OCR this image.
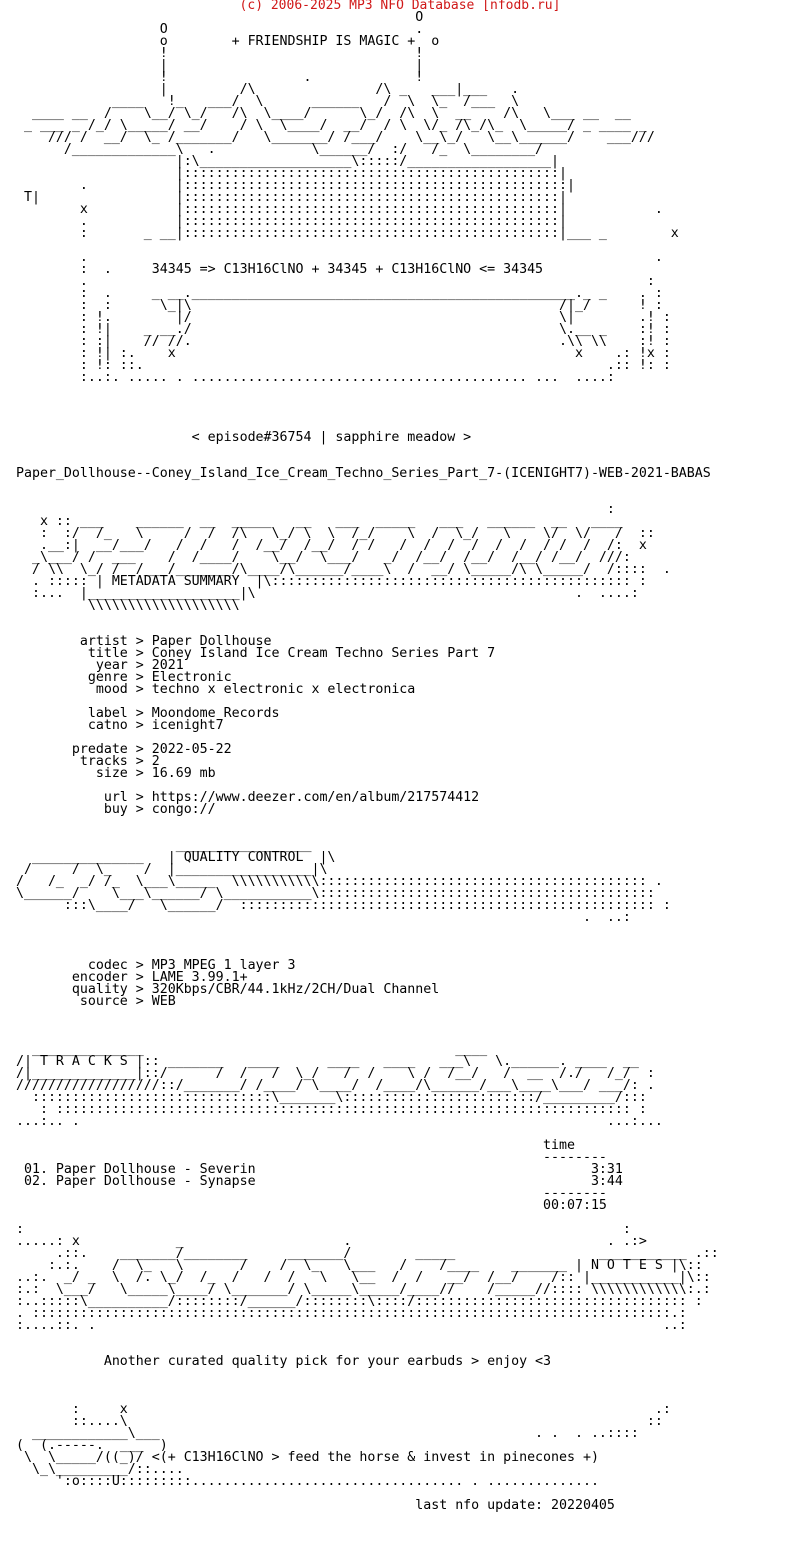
(c) 2006-2025 MP3 NFO Database [nfodb.ru]
O
O                               .
o        + FRIENDSHIP IS MAGIC +  o
!                               !
|                               |
!                 .             !
|         /\               /\ _   ___|___   .
____   !_   ___/  \      ______   /  \  \_  /___  \
____ __  /    \__/ \_/   /\  \____/      \_/  /\  \  __    /\   \___ __  __
_ ___ _ /_/ \_____/ __/    / \  \____/  __/  / \  \/_ /\_/\_  \_____/ _ ____ _
/// /  __/  \_ /_______/   \_______/ /___/    \__\_/   \__\______/    ___///
/_____________\   .            \______/  :/   /_  \________/
|:\___________________\:::::/__________________|
|:::::::::::::::::::::::::::::::::::::::::::::::|
.           |::::::::::::::::::::::::::::::::::::::::::::::::|
T|                 |:::::::::::::::::::::::::::::::::::::::::::::::|
x           |:::::::::::::::::::::::::::::::::::::::::::::::|           .
.           |:::::::::::::::::::::::::::::::::::::::::::::::|
:       _ __|:::::::::::::::::::::::::::::::::::::::::::::::|___ _        x

.                                                                       .
:  .     34345 => C13H16ClNO + 34345 + C13H16ClNO <= 34345
.                                                                      :
:  .     _ __.________________________________________________._ _    . :
:  :      \_|\                                              /|_/      ! :
: !.        |/                                              \|        .! :
: !|    _ __./                                              \.__ _    :! :
: :|    // //.                                              .\\ \\    :! :
: !| :.    x                                                  x    .: !x :
: !: ::.                                                          .:: !: :
:..:. ..... . .......................................... ...  ....:

< episode#36754 | sapphire meadow >

Paper_Dollhouse--Coney_Island_Ice_Cream_Techno_Series_Part_7-(ICENIGHT7)-WEB-2021-BABAS

:
x :: ___    ______  __  _____   __   ___  _____   ___   ______  __   ____
:  :/  /_   \     /  /  /\   \_/ \  \  /_/    \  /  \_/   \    \/  \/   /  ::
.__:|  __/___/   /  /   /  /__/  /__/  / /   /  /  /  /  /  /  / /  /  /:  x
_\___/ /  ___    /  /____/    \__/  \___/   _/  /__/  /__/  /__/ /__/  ///:
/ \\  \_/ /  /___/_______/\____/\______/____\  /  __/ \_____/\ \_____/  /::::  .
. ::::: | METADATA SUMMARY  |\::::::::::::::::::::::::::::::::::::::::::::: :
:...  |___________________|\                                        .  ....:
\\\\\\\\\\\\\\\\\\\

artist > Paper Dollhouse
title > Coney Island Ice Cream Techno Series Part 7
year > 2021
genre > Electronic
mood > techno x electronic x electronica

label > Moondome Records
catno > icenight7

predate > 2022-05-22
tracks > 2
size > 16.69 mb

url > https://www.deezer.com/en/album/217574412
buy > congo://

_________________
______________   | QUALITY CONTROL  |\
/     /  \_    /  |_________________|\
/   /_  _/ /_  \___\_____  \\\\\\\\\\\::::::::::::::::::::::::::::::::::::::::: .
\______/    \___\______/ \___________\::::::::::::::::::::::::::::::::::::::::::
:::\____/   \______/  :::::::::::::::::::::::::::::::::::::::::::::::::::: :
.  ..:

codec > MP3 MPEG 1 layer 3
encoder > LAME 3.99.1+
quality > 320Kbps/CBR/44.1kHz/2CH/Dual Channel
source > WEB

______________                                       ____
/| T R A C K S |:: _______   ____      ____   ____   ___\   \.______. ____  __
/|_____________|::/      /  /   /  \_/   /  /    \ /  /__/   /  __  /./   /_/  :
//////////////////::/_______/ /____/ \____/  /____/\______/___\____\___/ ___/: .
::::::::::::::::::::::::::::::\_______\::::::::::::::::::::::::/_________/:::
: :::::::::::::::::::::::::::::::::::::::::::::::::::::::::::::::::::::::: :
...:.. .                                                                  ...:...

time
--------
01. Paper Dollhouse - Severin                                          3:31
02. Paper Dollhouse - Synapse                                          3:44
--------
00:07:15

:                                                                           :
.....: x            _                    .                                . .:>
.::.    _______/________     _______/        _____                  ___________ .::
:.:.    /  \_   \       /    /  \_   \___   /    /____    _______ | N O T E S |\::
..:.  _/ _  \  /. \_/  /_  /   /  /   \   \__  /  /   __/  /__/    /:: |___________|\::
:.:  \___/   \_____\____/ \_______/ \_____\_____/____//    /_____//:::: \\\\\\\\\\\\:.:
:..:::::\__________/::::::::/______/::::::::\::::/:::::::::::::::::::::::::::::::::: :
. ::::::::::::::::::::::::::::::::::::::::::::::::::::::::::::::::::::::::::::::::.:
:....::. .                                                                       ..:

Another curated quality pick for your earbuds > enjoy <3

:     x                                                                  .:
::....\                                                                 ::
____________\___                                               . .  . ..::::
(  (.-----.  ___  )
\  \_____/((_)/ <(+ C13H16ClNO > feed the horse & invest in pinecones +)
\_\_________/::....
':o::::U:::::::::.................................. . ..............

last nfo update: 20220405
